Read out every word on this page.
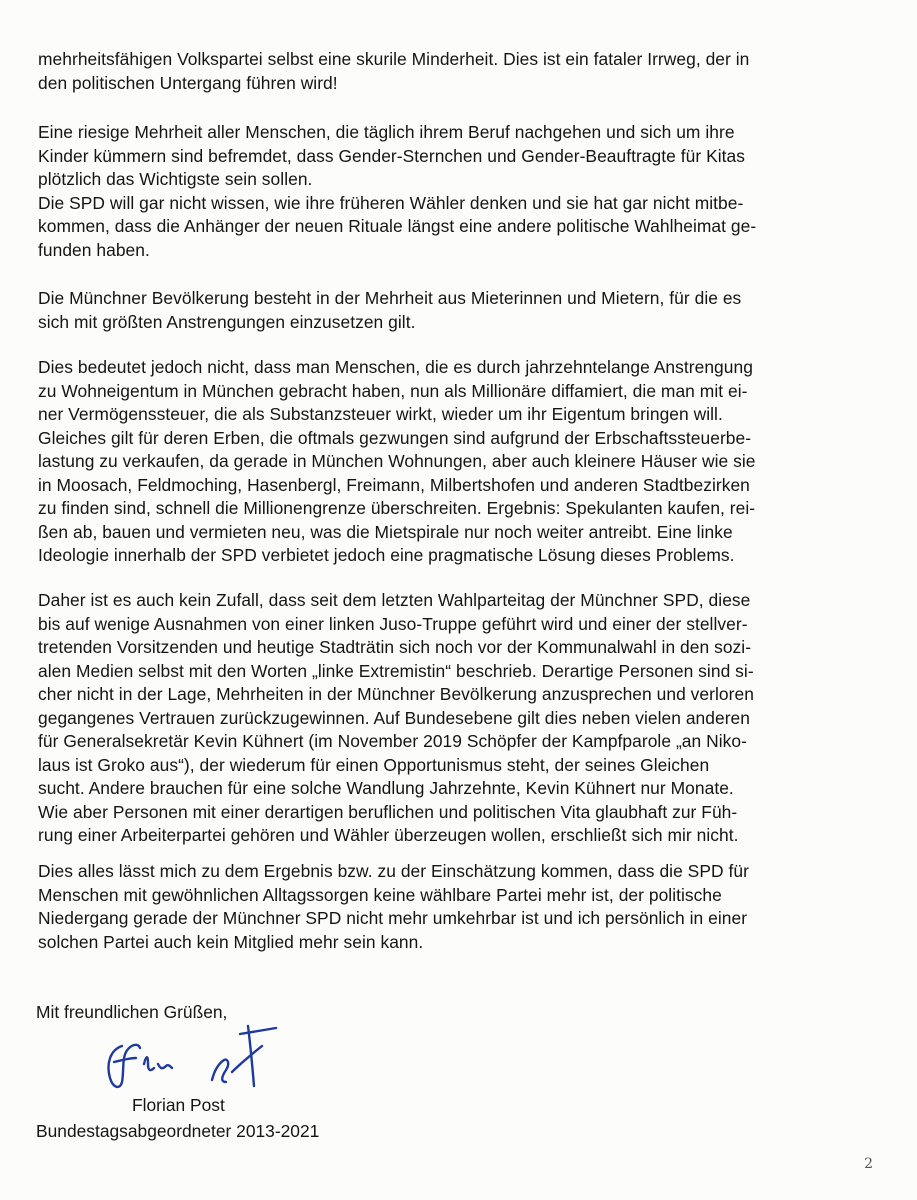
mehrheitsfähigen Volkspartei selbst eine skurile Minderheit. Dies ist ein fataler Irrweg, der in
den politischen Untergang führen wird!
Eine riesige Mehrheit aller Menschen, die täglich ihrem Beruf nachgehen und sich um ihre
Kinder kümmern sind befremdet, dass Gender-Sternchen und Gender-Beauftragte für Kitas
plötzlich das Wichtigste sein sollen.
Die SPD will gar nicht wissen, wie ihre früheren Wähler denken und sie hat gar nicht mitbe-
kommen, dass die Anhänger der neuen Rituale längst eine andere politische Wahlheimat ge-
funden haben.
Die Münchner Bevölkerung besteht in der Mehrheit aus Mieterinnen und Mietern, für die es
sich mit größten Anstrengungen einzusetzen gilt.
Dies bedeutet jedoch nicht, dass man Menschen, die es durch jahrzehntelange Anstrengung
zu Wohneigentum in München gebracht haben, nun als Millionäre diffamiert, die man mit ei-
ner Vermögenssteuer, die als Substanzsteuer wirkt, wieder um ihr Eigentum bringen will.
Gleiches gilt für deren Erben, die oftmals gezwungen sind aufgrund der Erbschaftssteuerbe-
lastung zu verkaufen, da gerade in München Wohnungen, aber auch kleinere Häuser wie sie
in Moosach, Feldmoching, Hasenbergl, Freimann, Milbertshofen und anderen Stadtbezirken
zu finden sind, schnell die Millionengrenze überschreiten. Ergebnis: Spekulanten kaufen, rei-
ßen ab, bauen und vermieten neu, was die Mietspirale nur noch weiter antreibt. Eine linke
Ideologie innerhalb der SPD verbietet jedoch eine pragmatische Lösung dieses Problems.
Daher ist es auch kein Zufall, dass seit dem letzten Wahlparteitag der Münchner SPD, diese
bis auf wenige Ausnahmen von einer linken Juso-Truppe geführt wird und einer der stellver-
tretenden Vorsitzenden und heutige Stadträtin sich noch vor der Kommunalwahl in den sozi-
alen Medien selbst mit den Worten „linke Extremistin“ beschrieb. Derartige Personen sind si-
cher nicht in der Lage, Mehrheiten in der Münchner Bevölkerung anzusprechen und verloren
gegangenes Vertrauen zurückzugewinnen. Auf Bundesebene gilt dies neben vielen anderen
für Generalsekretär Kevin Kühnert (im November 2019 Schöpfer der Kampfparole „an Niko-
laus ist Groko aus“), der wiederum für einen Opportunismus steht, der seines Gleichen
sucht. Andere brauchen für eine solche Wandlung Jahrzehnte, Kevin Kühnert nur Monate.
Wie aber Personen mit einer derartigen beruflichen und politischen Vita glaubhaft zur Füh-
rung einer Arbeiterpartei gehören und Wähler überzeugen wollen, erschließt sich mir nicht.
Dies alles lässt mich zu dem Ergebnis bzw. zu der Einschätzung kommen, dass die SPD für
Menschen mit gewöhnlichen Alltagssorgen keine wählbare Partei mehr ist, der politische
Niedergang gerade der Münchner SPD nicht mehr umkehrbar ist und ich persönlich in einer
solchen Partei auch kein Mitglied mehr sein kann.
Mit freundlichen Grüßen,
Florian Post
Bundestagsabgeordneter 2013-2021
2
